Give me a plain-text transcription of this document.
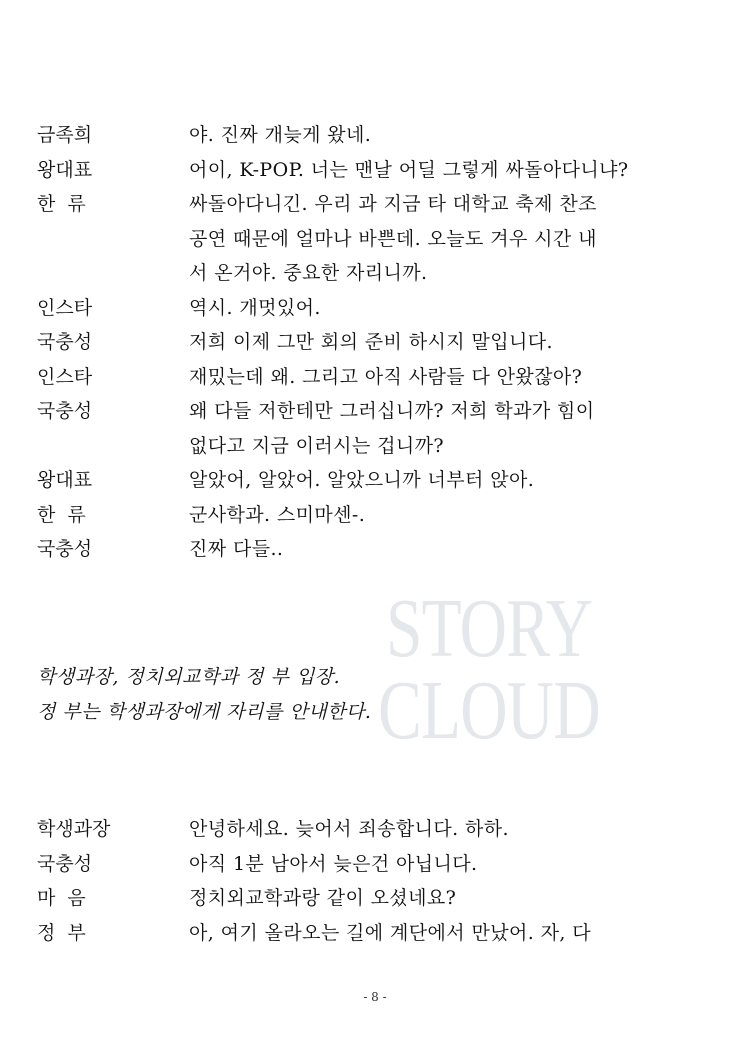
STORY
CLOUD
금족희	야. 진짜 개늦게 왔네.
왕대표	어이, K-POP. 너는 맨날 어딜 그렇게 싸돌아다니냐?
한  류	싸돌아다니긴. 우리 과 지금 타 대학교 축제 찬조
공연 때문에 얼마나 바쁜데. 오늘도 겨우 시간 내
서 온거야. 중요한 자리니까.
인스타	역시. 개멋있어.
국충성	저희 이제 그만 회의 준비 하시지 말입니다.
인스타	재밌는데 왜. 그리고 아직 사람들 다 안왔잖아?
국충성	왜 다들 저한테만 그러십니까? 저희 학과가 힘이
없다고 지금 이러시는 겁니까?
왕대표	알았어, 알았어. 알았으니까 너부터 앉아.
한  류	군사학과. 스미마센-.
국충성	진짜 다들..
학생과장, 정치외교학과 정 부 입장.
정 부는 학생과장에게 자리를 안내한다.
학생과장	안녕하세요. 늦어서 죄송합니다. 하하.
국충성	아직 1분 남아서 늦은건 아닙니다.
마  음	정치외교학과랑 같이 오셨네요?
정  부	아, 여기 올라오는 길에 계단에서 만났어. 자, 다
- 8 -
